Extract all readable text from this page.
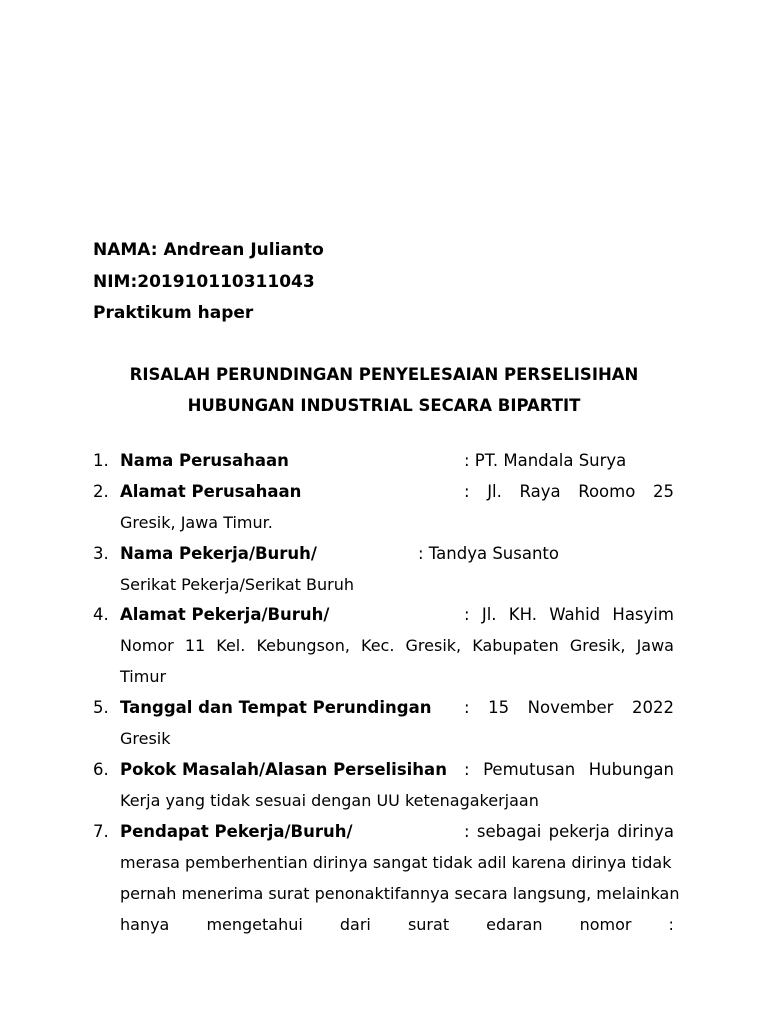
NAMA: Andrean Julianto
NIM:201910110311043
Praktikum haper
RISALAH PERUNDINGAN PENYELESAIAN PERSELISIHAN
HUBUNGAN INDUSTRIAL SECARA BIPARTIT
1. Nama Perusahaan	: PT. Mandala Surya
2. Alamat Perusahaan	: Jl. Raya Roomo 25
Gresik, Jawa Timur.
3. Nama Pekerja/Buruh/	: Tandya Susanto
Serikat Pekerja/Serikat Buruh
4. Alamat Pekerja/Buruh/	: Jl. KH. Wahid Hasyim
Nomor 11 Kel. Kebungson, Kec. Gresik, Kabupaten Gresik, Jawa
Timur
5. Tanggal dan Tempat Perundingan : 15 November 2022
Gresik
6. Pokok Masalah/Alasan Perselisihan : Pemutusan Hubungan
Kerja yang tidak sesuai dengan UU ketenagakerjaan
7. Pendapat Pekerja/Buruh/	: sebagai pekerja dirinya
merasa pemberhentian dirinya sangat tidak adil karena dirinya tidak
pernah menerima surat penonaktifannya secara langsung, melainkan
hanya mengetahui dari surat edaran nomor :
